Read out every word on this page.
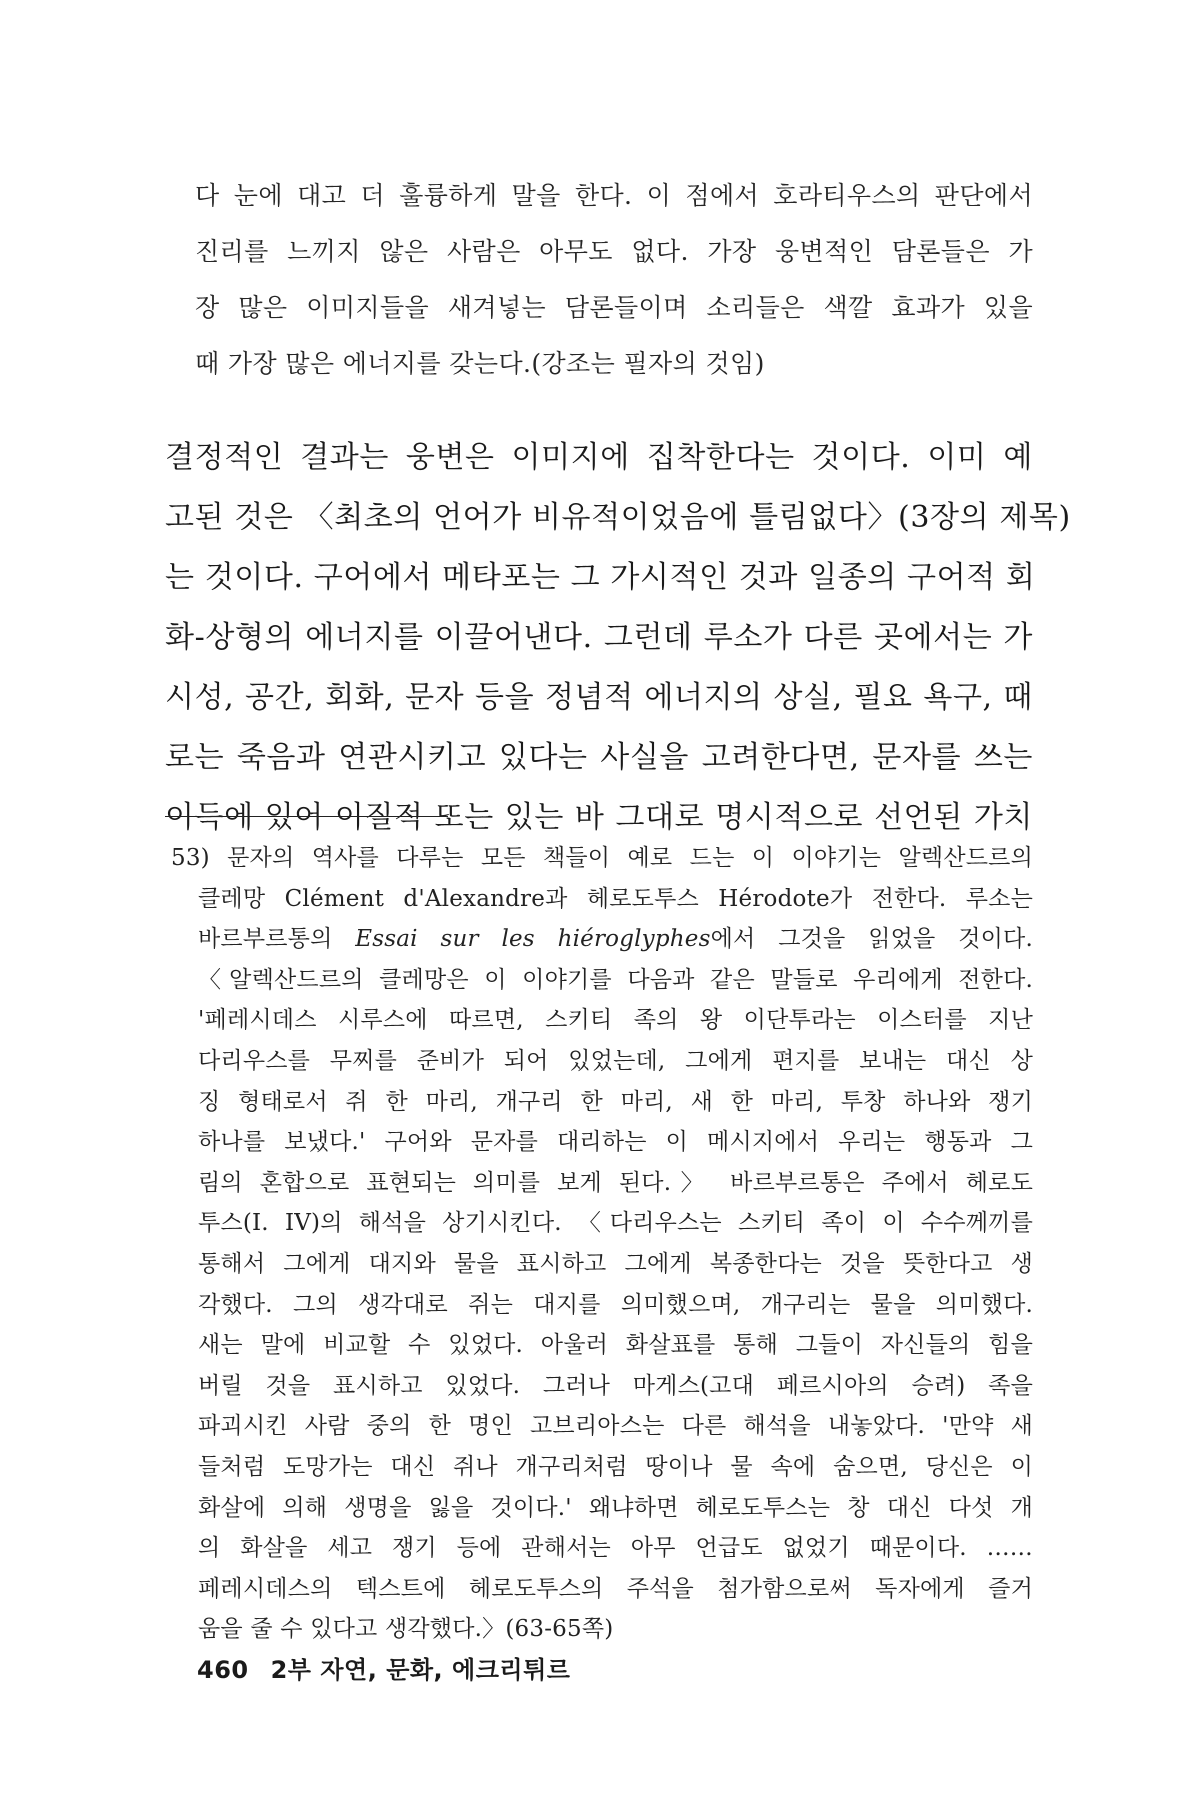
다 눈에 대고 더 훌륭하게 말을 한다. 이 점에서 호라티우스의 판단에서
진리를 느끼지 않은 사람은 아무도 없다. 가장 웅변적인 담론들은 가
장 많은 이미지들을 새겨넣는 담론들이며 소리들은 색깔 효과가 있을
때 가장 많은 에너지를 갖는다.(강조는 필자의 것임)
결정적인 결과는 웅변은 이미지에 집착한다는 것이다. 이미 예
고된 것은 〈최초의 언어가 비유적이었음에 틀림없다〉(3장의 제목)
는 것이다. 구어에서 메타포는 그 가시적인 것과 일종의 구어적 회
화-상형의 에너지를 이끌어낸다. 그런데 루소가 다른 곳에서는 가
시성, 공간, 회화, 문자 등을 정념적 에너지의 상실, 필요 욕구, 때
로는 죽음과 연관시키고 있다는 사실을 고려한다면, 문자를 쓰는
이득에 있어 이질적 또는 있는 바 그대로 명시적으로 선언된 가치
53) 문자의 역사를 다루는 모든 책들이 예로 드는 이 이야기는 알렉산드르의
클레망 Clément d'Alexandre과 헤로도투스 Hérodote가 전한다. 루소는
바르부르통의 Essai sur les hiéroglyphes에서 그것을 읽었을 것이다.
〈알렉산드르의 클레망은 이 이야기를 다음과 같은 말들로 우리에게 전한다.
'페레시데스 시루스에 따르면, 스키티 족의 왕 이단투라는 이스터를 지난
다리우스를 무찌를 준비가 되어 있었는데, 그에게 편지를 보내는 대신 상
징 형태로서 쥐 한 마리, 개구리 한 마리, 새 한 마리, 투창 하나와 쟁기
하나를 보냈다.' 구어와 문자를 대리하는 이 메시지에서 우리는 행동과 그
림의 혼합으로 표현되는 의미를 보게 된다.〉 바르부르통은 주에서 헤로도
투스(I. IV)의 해석을 상기시킨다. 〈다리우스는 스키티 족이 이 수수께끼를
통해서 그에게 대지와 물을 표시하고 그에게 복종한다는 것을 뜻한다고 생
각했다. 그의 생각대로 쥐는 대지를 의미했으며, 개구리는 물을 의미했다.
새는 말에 비교할 수 있었다. 아울러 화살표를 통해 그들이 자신들의 힘을
버릴 것을 표시하고 있었다. 그러나 마게스(고대 페르시아의 승려) 족을
파괴시킨 사람 중의 한 명인 고브리아스는 다른 해석을 내놓았다. '만약 새
들처럼 도망가는 대신 쥐나 개구리처럼 땅이나 물 속에 숨으면, 당신은 이
화살에 의해 생명을 잃을 것이다.' 왜냐하면 헤로도투스는 창 대신 다섯 개
의 화살을 세고 쟁기 등에 관해서는 아무 언급도 없었기 때문이다. ……
페레시데스의 텍스트에 헤로도투스의 주석을 첨가함으로써 독자에게 즐거
움을 줄 수 있다고 생각했다.〉(63-65쪽)
460 2부 자연, 문화, 에크리튀르
